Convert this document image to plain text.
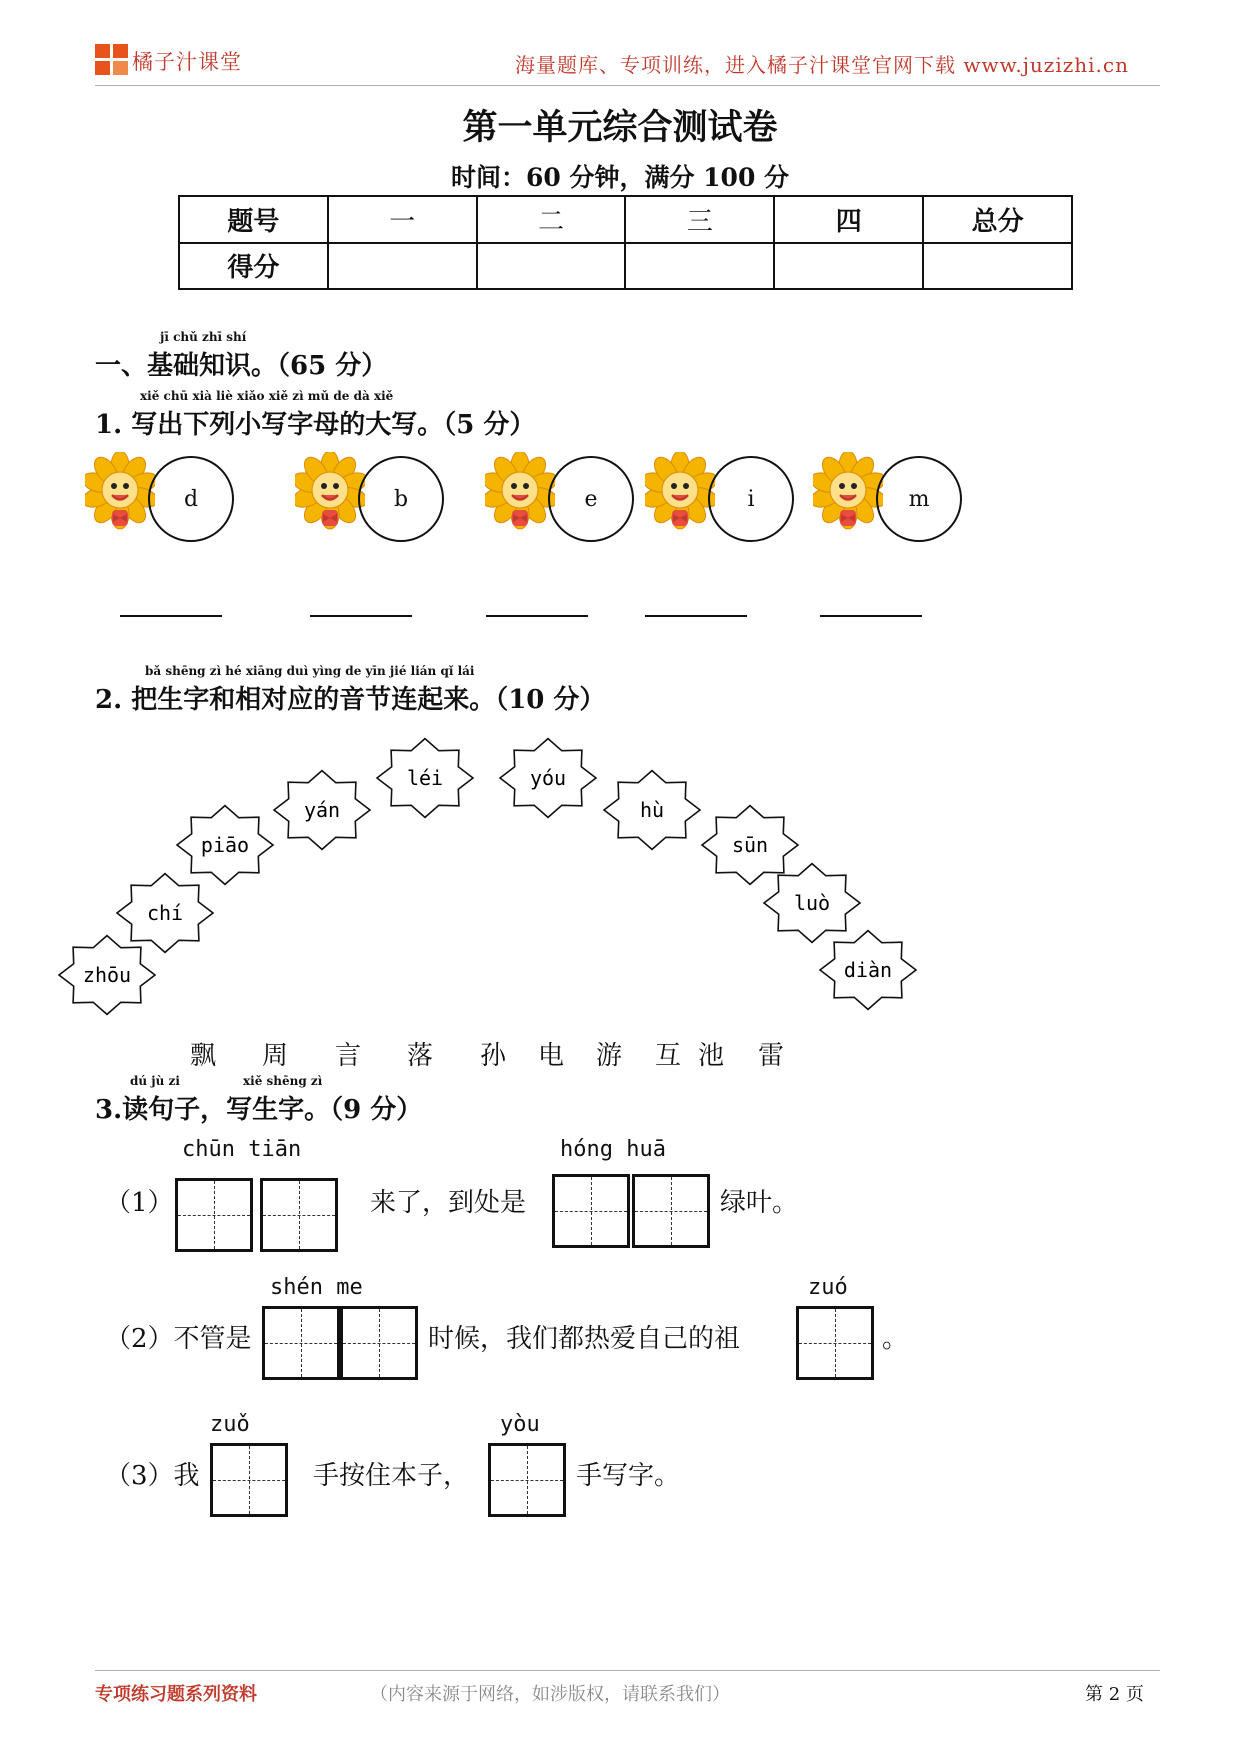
橘子汁课堂	海量题库、专项训练，进入橘子汁课堂官网下载 www.juzizhi.cn
第一单元综合测试卷
时间：60 分钟，满分 100 分
题号	一	二	三	四	总分
得分					
jī chǔ zhī shí
一、基础知识。（65 分）
xiě chū xià liè xiǎo xiě zì mǔ de dà xiě
1. 写出下列小写字母的大写。（5 分）
d	b	e	i	m
bǎ shēng zì hé xiāng duì yìng de yīn jié lián qǐ lái
2. 把生字和相对应的音节连起来。（10 分）
zhōu
chí
piāo
yán
léi	yóu
hù
sūn
luò
diàn
飘 周 言 落 孙 电 游 互 池 雷
dú jù zi	xiě shēng zì
3.读句子，写生字。（9 分）
（1）
chūn tiān
来了，到处是
hóng huā
绿叶。
（2）不管是
shén me
时候，我们都热爱自己的祖
zuó
。
（3）我
zuǒ
手按住本子，
yòu
手写字。
专项练习题系列资料	（内容来源于网络，如涉版权，请联系我们）	第 2 页
